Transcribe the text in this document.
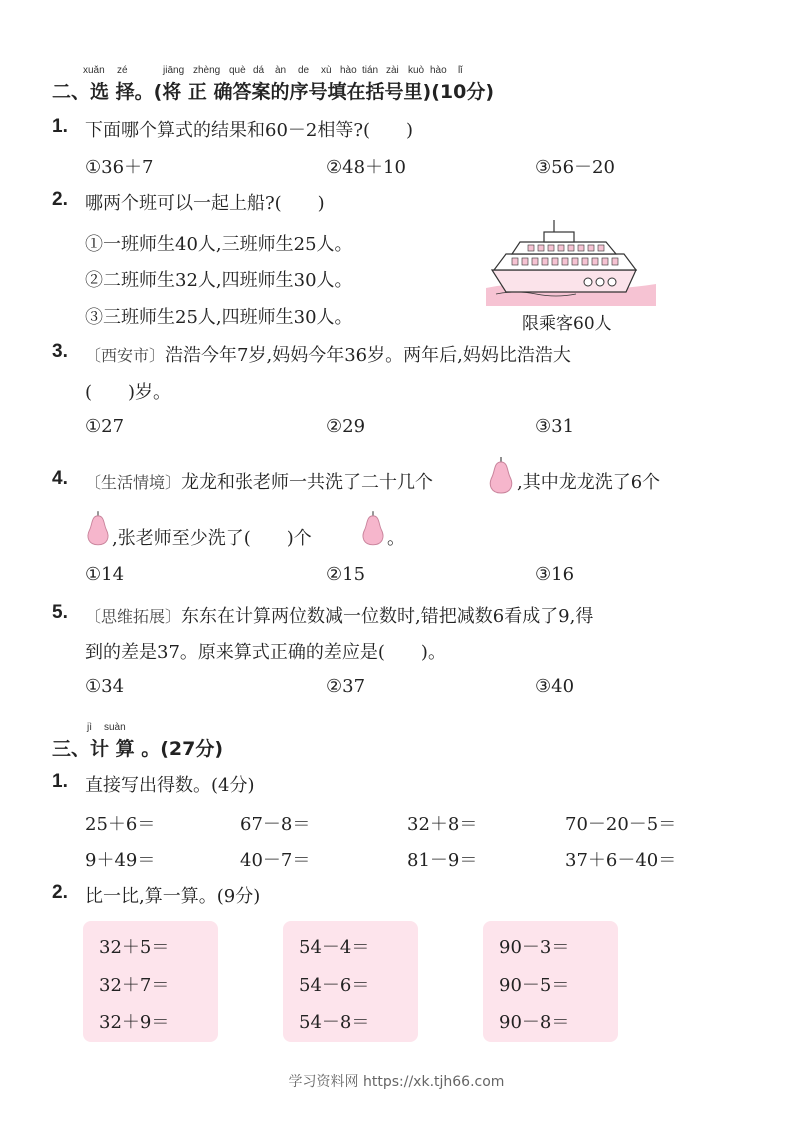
xuǎn zé	jiāng zhèng què dá àn de xù hào tián zài kuò hào lǐ
二、选 择。(将 正 确答案的序号填在括号里)(10分)
1. 下面哪个算式的结果和60－2相等?(　　)
①36＋7	②48＋10	③56－20
2. 哪两个班可以一起上船?(　　)
①一班师生40人,三班师生25人。
②二班师生32人,四班师生30人。
③三班师生25人,四班师生30人。	限乘客60人
3. 〔西安市〕浩浩今年7岁,妈妈今年36岁。两年后,妈妈比浩浩大
(　　)岁。
①27	②29	③31
4. 〔生活情境〕龙龙和张老师一共洗了二十几个	,其中龙龙洗了6个
,张老师至少洗了(　　)个	。
①14	②15	③16
5. 〔思维拓展〕东东在计算两位数减一位数时,错把减数6看成了9,得
到的差是37。原来算式正确的差应是(　　)。
①34	②37	③40
jì suàn
三、计 算 。(27分)
1. 直接写出得数。(4分)
25＋6＝	67－8＝	32＋8＝	70－20－5＝
9＋49＝	40－7＝	81－9＝	37＋6－40＝
2. 比一比,算一算。(9分)
32＋5＝
32＋7＝
32＋9＝
54－4＝
54－6＝
54－8＝
90－3＝
90－5＝
90－8＝
学习资料网 https://xk.tjh66.com
